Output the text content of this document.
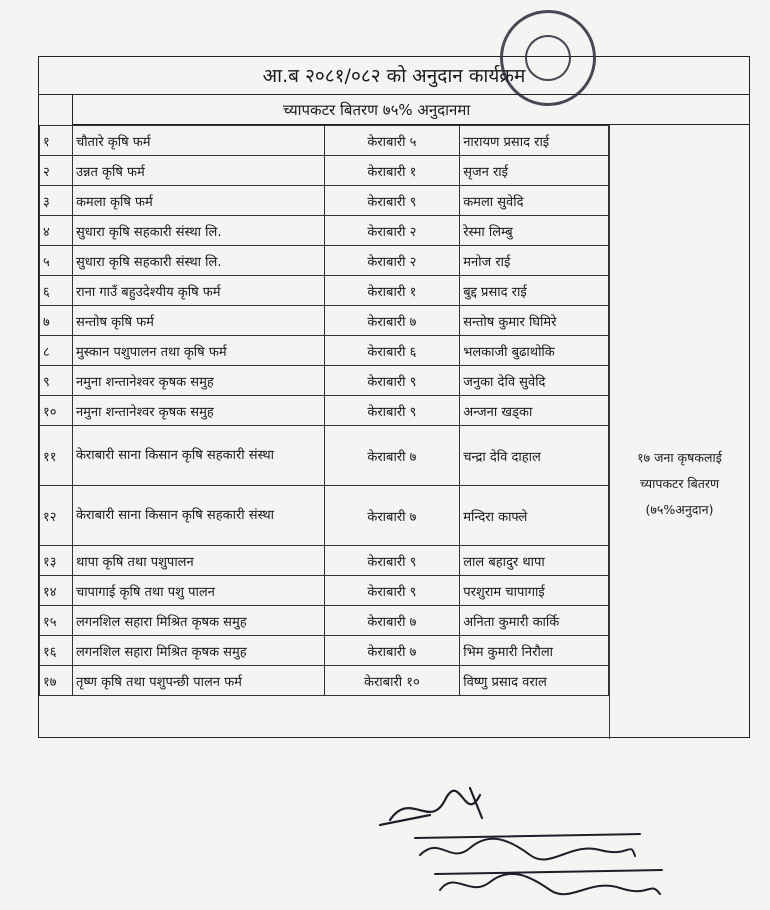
आ.ब २०८१/०८२ को अनुदान कार्यक्रम
च्यापकटर बितरण ७५% अनुदानमा
१	चौतारे कृषि फर्म	केराबारी ५	नारायण प्रसाद राई
२	उन्नत कृषि फर्म	केराबारी १	सृजन राई
३	कमला कृषि फर्म	केराबारी ९	कमला सुवेदि
४	सुधारा कृषि सहकारी संस्था लि.	केराबारी २	रेस्मा लिम्बु
५	सुधारा कृषि सहकारी संस्था लि.	केराबारी २	मनोज राई
६	राना गाउँ बहुउदेश्यीय कृषि फर्म	केराबारी १	बुद्द प्रसाद राई
७	सन्तोष कृषि फर्म	केराबारी ७	सन्तोष कुमार घिमिरे
८	मुस्कान पशुपालन तथा कृषि फर्म	केराबारी ६	भलकाजी बुढाथोकि
९	नमुना शन्तानेश्वर कृषक समुह	केराबारी ९	जनुका देवि सुवेदि
१०	नमुना शन्तानेश्वर कृषक समुह	केराबारी ९	अन्जना खड्का
११	केराबारी साना किसान कृषि सहकारी संस्था	केराबारी ७	चन्द्रा देवि दाहाल
१२	केराबारी साना किसान कृषि सहकारी संस्था	केराबारी ७	मन्दिरा काफ्ले
१३	थापा कृषि तथा पशुपालन	केराबारी ९	लाल बहादुर थापा
१४	चापागाई कृषि तथा पशु पालन	केराबारी ९	परशुराम चापागाई
१५	लगनशिल सहारा मिश्रित कृषक समुह	केराबारी ७	अनिता कुमारी कार्कि
१६	लगनशिल सहारा मिश्रित कृषक समुह	केराबारी ७	भिम कुमारी निरौला
१७	तृष्ण कृषि तथा पशुपन्छी पालन फर्म	केराबारी १०	विष्णु प्रसाद वराल
१७ जना कृषकलाई
च्यापकटर बितरण
(७५%अनुदान)
